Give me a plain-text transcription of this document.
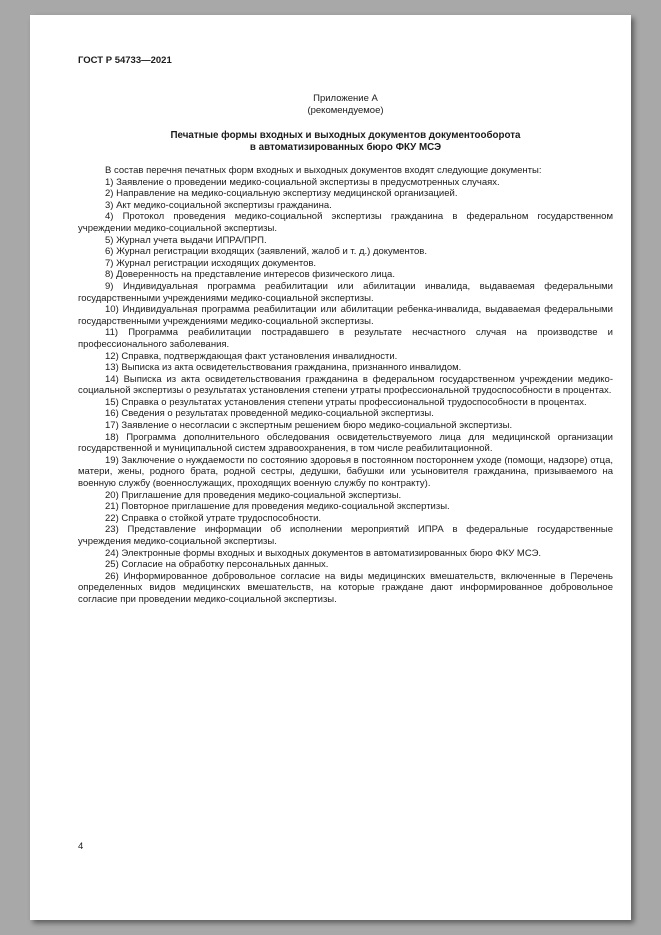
ГОСТ Р 54733—2021
Приложение А
(рекомендуемое)
Печатные формы входных и выходных документов документооборота
в автоматизированных бюро ФКУ МСЭ

В состав перечня печатных форм входных и выходных документов входят следующие документы:

1) Заявление о проведении медико-социальной экспертизы в предусмотренных случаях.

2) Направление на медико-социальную экспертизу медицинской организацией.

3) Акт медико-социальной экспертизы гражданина.

4) Протокол проведения медико-социальной экспертизы гражданина в федеральном государственном учреждении медико-социальной экспертизы.

5) Журнал учета выдачи ИПРА/ПРП.

6) Журнал регистрации входящих (заявлений, жалоб и т. д.) документов.

7) Журнал регистрации исходящих документов.

8) Доверенность на представление интересов физического лица.

9) Индивидуальная программа реабилитации или абилитации инвалида, выдаваемая федеральными государственными учреждениями медико-социальной экспертизы.

10) Индивидуальная программа реабилитации или абилитации ребенка-инвалида, выдаваемая федеральными государственными учреждениями медико-социальной экспертизы.

11) Программа реабилитации пострадавшего в результате несчастного случая на производстве и профессионального заболевания.

12) Справка, подтверждающая факт установления инвалидности.

13) Выписка из акта освидетельствования гражданина, признанного инвалидом.

14) Выписка из акта освидетельствования гражданина в федеральном государственном учреждении медико-социальной экспертизы о результатах установления степени утраты профессиональной трудоспособности в процентах.

15) Справка о результатах установления степени утраты профессиональной трудоспособности в процентах.

16) Сведения о результатах проведенной медико-социальной экспертизы.

17) Заявление о несогласии с экспертным решением бюро медико-социальной экспертизы.

18) Программа дополнительного обследования освидетельствуемого лица для медицинской организации государственной и муниципальной систем здравоохранения, в том числе реабилитационной.

19) Заключение о нуждаемости по состоянию здоровья в постоянном постороннем уходе (помощи, надзоре) отца, матери, жены, родного брата, родной сестры, дедушки, бабушки или усыновителя гражданина, призываемого на военную службу (военнослужащих, проходящих военную службу по контракту).

20) Приглашение для проведения медико-социальной экспертизы.

21) Повторное приглашение для проведения медико-социальной экспертизы.

22) Справка о стойкой утрате трудоспособности.

23) Представление информации об исполнении мероприятий ИПРА в федеральные государственные учреждения медико-социальной экспертизы.

24) Электронные формы входных и выходных документов в автоматизированных бюро ФКУ МСЭ.

25) Согласие на обработку персональных данных.

26) Информированное добровольное согласие на виды медицинских вмешательств, включенные в Перечень определенных видов медицинских вмешательств, на которые граждане дают информированное добровольное согласие при проведении медико-социальной экспертизы.

4
